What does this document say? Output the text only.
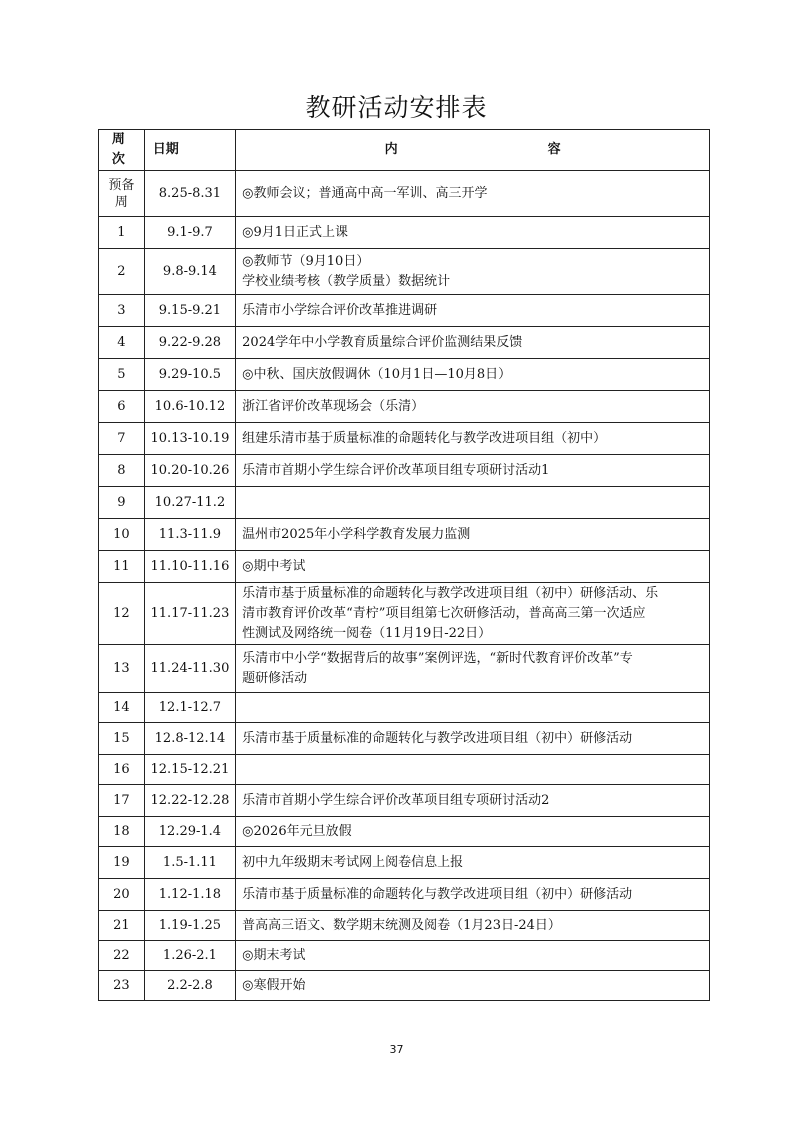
教研活动安排表
周 次	日期	内 容

预备
周	8.25-8.31	◎教师会议；普通高中高一军训、高三开学

1	9.1-9.7	◎9月1日正式上课

2	9.8-9.14	◎教师节（9月10日）
学校业绩考核（教学质量）数据统计

3	9.15-9.21	乐清市小学综合评价改革推进调研

4	9.22-9.28	2024学年中小学教育质量综合评价监测结果反馈

5	9.29-10.5	◎中秋、国庆放假调休（10月1日—10月8日）

6	10.6-10.12	浙江省评价改革现场会（乐清）

7	10.13-10.19	组建乐清市基于质量标准的命题转化与教学改进项目组（初中）

8	10.20-10.26	乐清市首期小学生综合评价改革项目组专项研讨活动1

9	10.27-11.2	

10	11.3-11.9	温州市2025年小学科学教育发展力监测

11	11.10-11.16	◎期中考试

12	11.17-11.23	乐清市基于质量标准的命题转化与教学改进项目组（初中）研修活动、乐
清市教育评价改革“青柠”项目组第七次研修活动，普高高三第一次适应
性测试及网络统一阅卷（11月19日-22日）

13	11.24-11.30	乐清市中小学“数据背后的故事”案例评选，“新时代教育评价改革”专
题研修活动

14	12.1-12.7	

15	12.8-12.14	乐清市基于质量标准的命题转化与教学改进项目组（初中）研修活动

16	12.15-12.21	

17	12.22-12.28	乐清市首期小学生综合评价改革项目组专项研讨活动2

18	12.29-1.4	◎2026年元旦放假

19	1.5-1.11	初中九年级期末考试网上阅卷信息上报

20	1.12-1.18	乐清市基于质量标准的命题转化与教学改进项目组（初中）研修活动

21	1.19-1.25	普高高三语文、数学期末统测及阅卷（1月23日-24日）

22	1.26-2.1	◎期末考试

23	2.2-2.8	◎寒假开始
37
